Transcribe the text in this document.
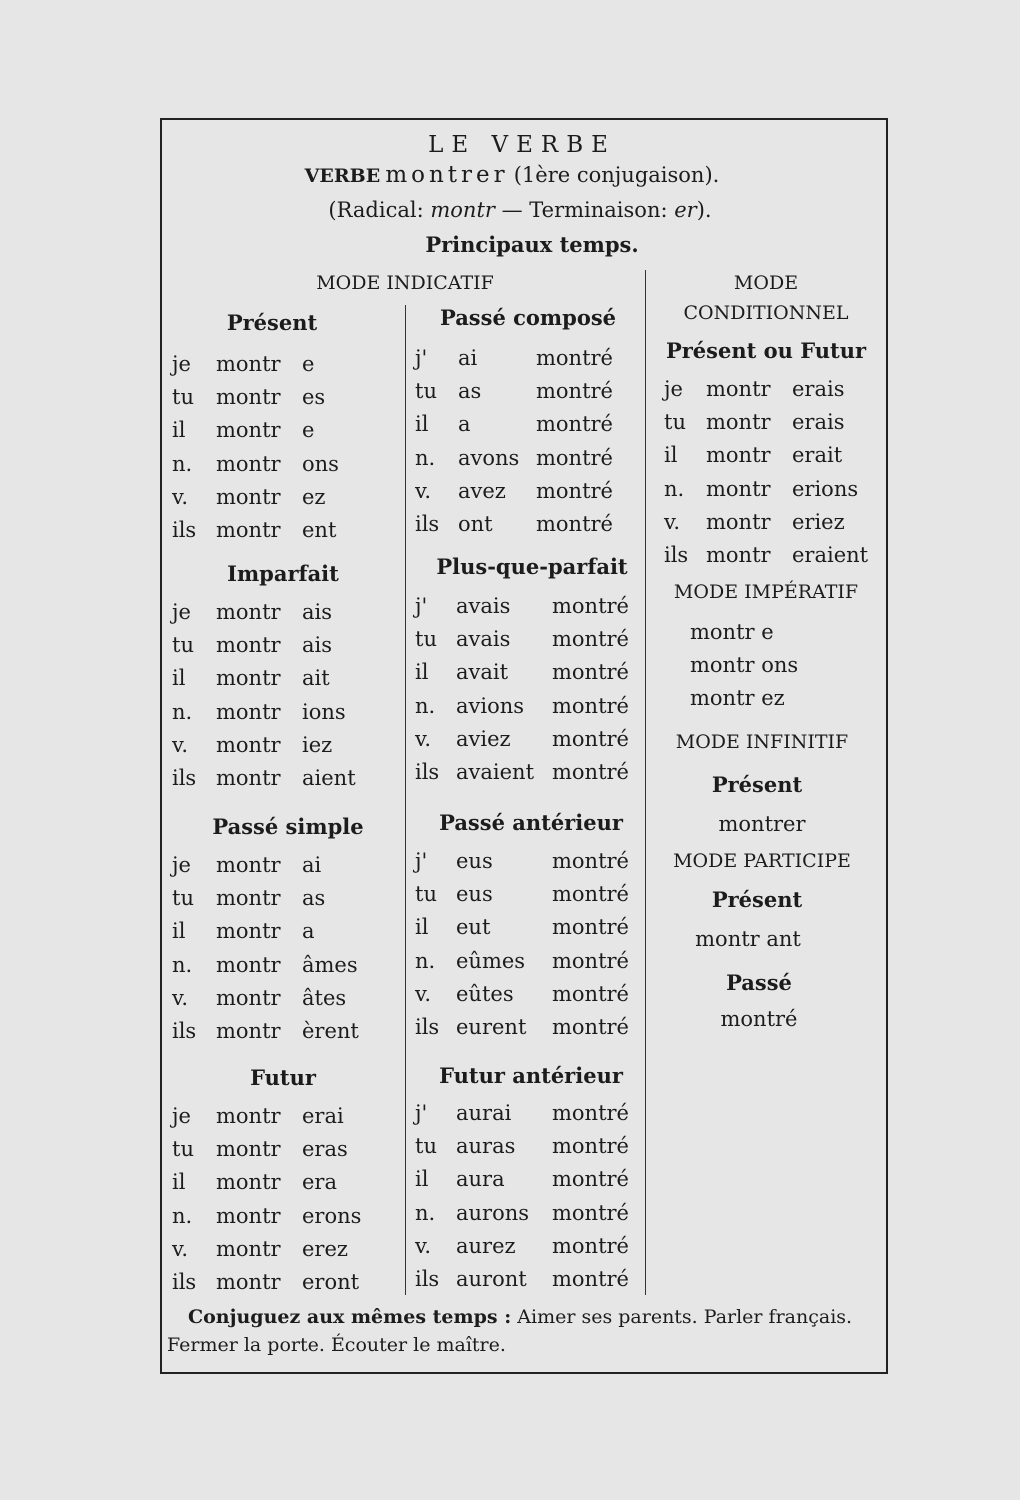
LE VERBE
VERBE montrer (1ère conjugaison).
(Radical: montr — Terminaison: er).
Principaux temps.
MODE INDICATIF	MODE
CONDITIONNEL
Présent
je montr e
tu montr es
il montr e
n. montr ons
v. montr ez
ils montr ent
Imparfait
je montr ais
tu montr ais
il montr ait
n. montr ions
v. montr iez
ils montr aient
Passé simple
je montr ai
tu montr as
il montr a
n. montr âmes
v. montr âtes
ils montr èrent
Futur
je montr erai
tu montr eras
il montr era
n. montr erons
v. montr erez
ils montr eront
Passé composé
j' ai	montré
tu as	montré
il a	montré
n. avons montré
v. avez montré
ils ont montré
Plus-que-parfait
j' avais montré
tu avais montré
il avait montré
n. avions montré
v. aviez montré
ils avaient montré
Passé antérieur
j' eus	montré
tu eus	montré
il eut	montré
n. eûmes montré
v. eûtes montré
ils eurent montré
Futur antérieur
j' aurai montré
tu auras montré
il aura montré
n. aurons montré
v. aurez montré
ils auront montré
Présent ou Futur
je montr erais
tu montr erais
il montr erait
n. montr erions
v. montr eriez
ils montr eraient
MODE IMPÉRATIF
montr e
montr ons
montr ez
MODE INFINITIF
Présent
montrer
MODE PARTICIPE
Présent
montr ant
Passé
montré
Conjuguez aux mêmes temps : Aimer ses parents. Parler français.
Fermer la porte. Écouter le maître.
